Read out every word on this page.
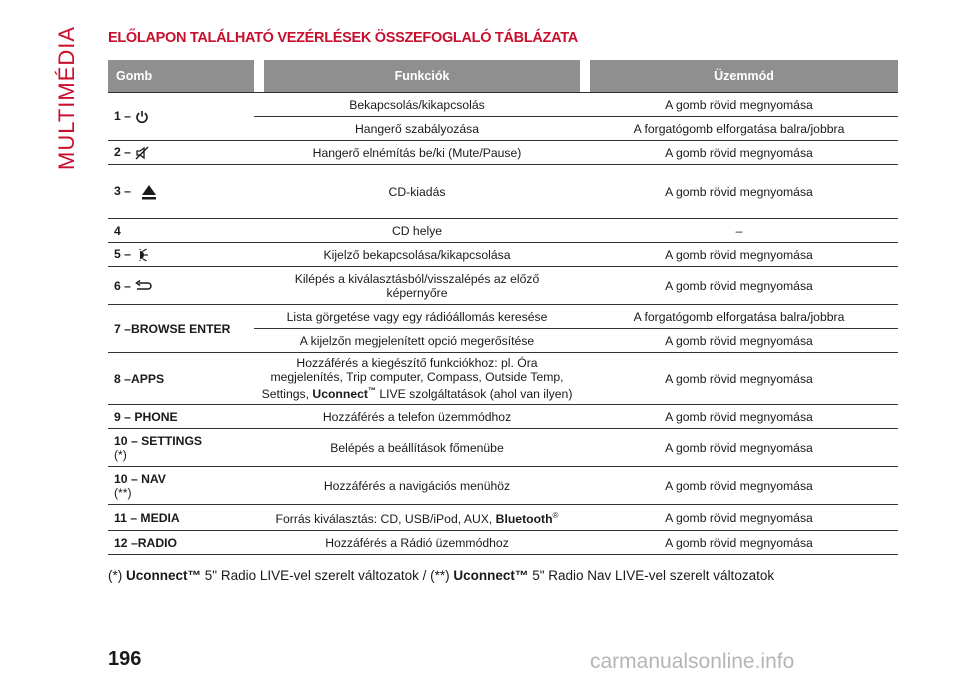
MULTIMÉDIA	ELŐLAPON TALÁLHATÓ VEZÉRLÉSEK ÖSSZEFOGLALÓ TÁBLÁZATA
Gomb		Funkciók		Üzemmód
1 –	Bekapcsolás/kikapcsolás		A gomb rövid megnyomása	
	Hangerő szabályozása		A forgatógomb elforgatása balra/jobbra	
2 –	Hangerő elnémítás be/ki (Mute/Pause)		A gomb rövid megnyomása	
3 –	CD-kiadás		A gomb rövid megnyomása	
4	CD helye		–	
5 –	Kijelző bekapcsolása/kikapcsolása		A gomb rövid megnyomása	
6 –	Kilépés a kiválasztásból/visszalépés az előző
képernyőre		A gomb rövid megnyomása	
7 –BROWSE ENTER	Lista görgetése vagy egy rádióállomás keresése		A forgatógomb elforgatása balra/jobbra	
	A kijelzőn megjelenített opció megerősítése		A gomb rövid megnyomása	
8 –APPS	Hozzáférés a kiegészítő funkciókhoz: pl. Óra
megjelenítés, Trip computer, Compass, Outside Temp,
Settings, Uconnect™ LIVE szolgáltatások (ahol van ilyen)		A gomb rövid megnyomása	
9 – PHONE	Hozzáférés a telefon üzemmódhoz		A gomb rövid megnyomása	

10 – SETTINGS
(*)	Belépés a beállítások főmenübe		A gomb rövid megnyomása	

10 – NAV
(**)	Hozzáférés a navigációs menühöz		A gomb rövid megnyomása	
11 – MEDIA	Forrás kiválasztás: CD, USB/iPod, AUX, Bluetooth®		A gomb rövid megnyomása	
12 –RADIO	Hozzáférés a Rádió üzemmódhoz		A gomb rövid megnyomása	
(*) Uconnect™ 5" Radio LIVE-vel szerelt változatok / (**) Uconnect™ 5" Radio Nav LIVE-vel szerelt változatok
196	carmanualsonline.info
